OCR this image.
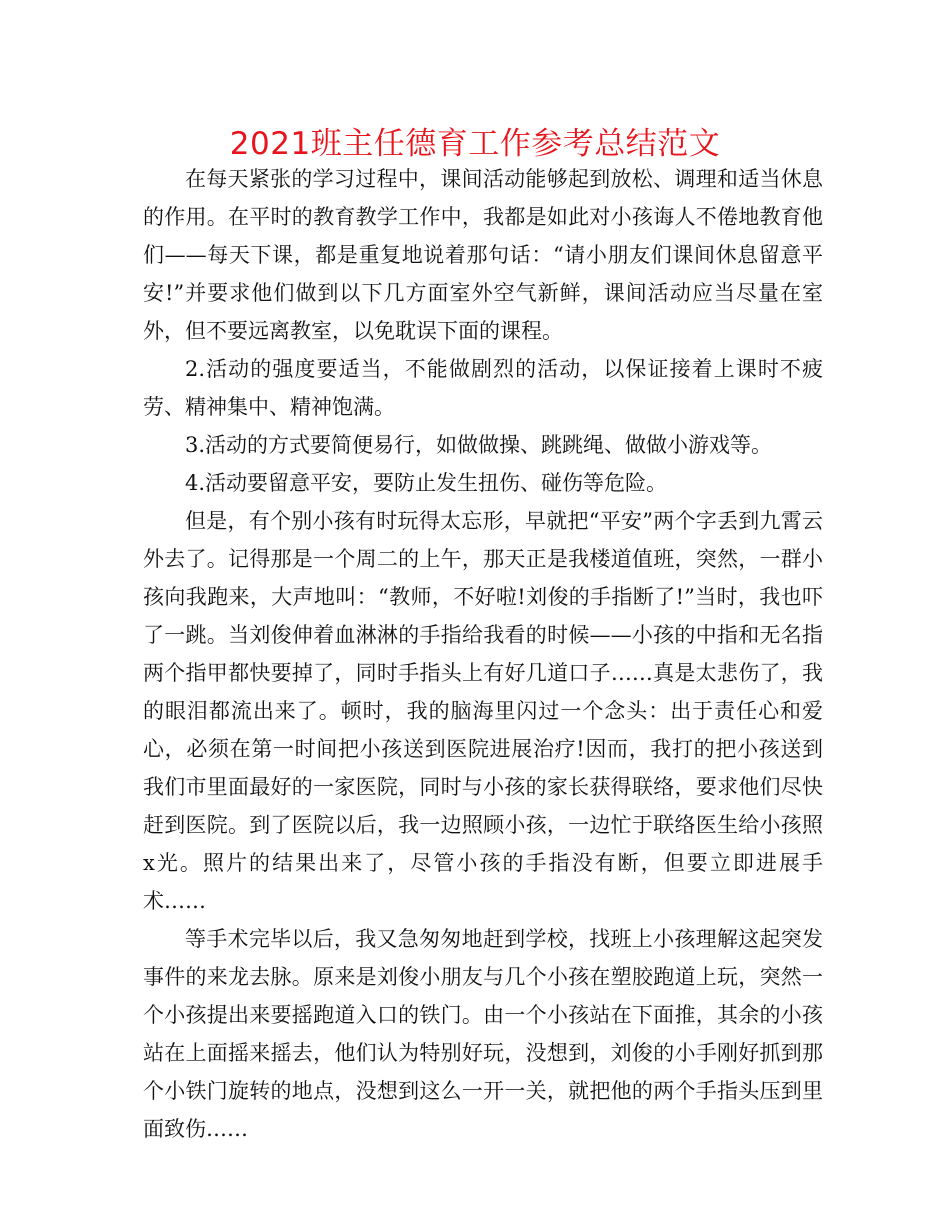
2021班主任德育工作参考总结范文

在每天紧张的学习过程中，课间活动能够起到放松、调理和适当休息的作用。在平时的教育教学工作中，我都是如此对小孩诲人不倦地教育他们——每天下课，都是重复地说着那句话：“请小朋友们课间休息留意平安!”并要求他们做到以下几方面室外空气新鲜，课间活动应当尽量在室外，但不要远离教室，以免耽误下面的课程。

2.活动的强度要适当，不能做剧烈的活动，以保证接着上课时不疲劳、精神集中、精神饱满。

3.活动的方式要简便易行，如做做操、跳跳绳、做做小游戏等。

4.活动要留意平安，要防止发生扭伤、碰伤等危险。

但是，有个别小孩有时玩得太忘形，早就把“平安”两个字丢到九霄云外去了。记得那是一个周二的上午，那天正是我楼道值班，突然，一群小孩向我跑来，大声地叫：“教师，不好啦!刘俊的手指断了!”当时，我也吓了一跳。当刘俊伸着血淋淋的手指给我看的时候——小孩的中指和无名指两个指甲都快要掉了，同时手指头上有好几道口子……真是太悲伤了，我的眼泪都流出来了。顿时，我的脑海里闪过一个念头：出于责任心和爱心，必须在第一时间把小孩送到医院进展治疗!因而，我打的把小孩送到我们市里面最好的一家医院，同时与小孩的家长获得联络，要求他们尽快赶到医院。到了医院以后，我一边照顾小孩，一边忙于联络医生给小孩照x光。照片的结果出来了，尽管小孩的手指没有断，但要立即进展手术……

等手术完毕以后，我又急匆匆地赶到学校，找班上小孩理解这起突发事件的来龙去脉。原来是刘俊小朋友与几个小孩在塑胶跑道上玩，突然一个小孩提出来要摇跑道入口的铁门。由一个小孩站在下面推，其余的小孩站在上面摇来摇去，他们认为特别好玩，没想到，刘俊的小手刚好抓到那个小铁门旋转的地点，没想到这么一开一关，就把他的两个手指头压到里面致伤……
